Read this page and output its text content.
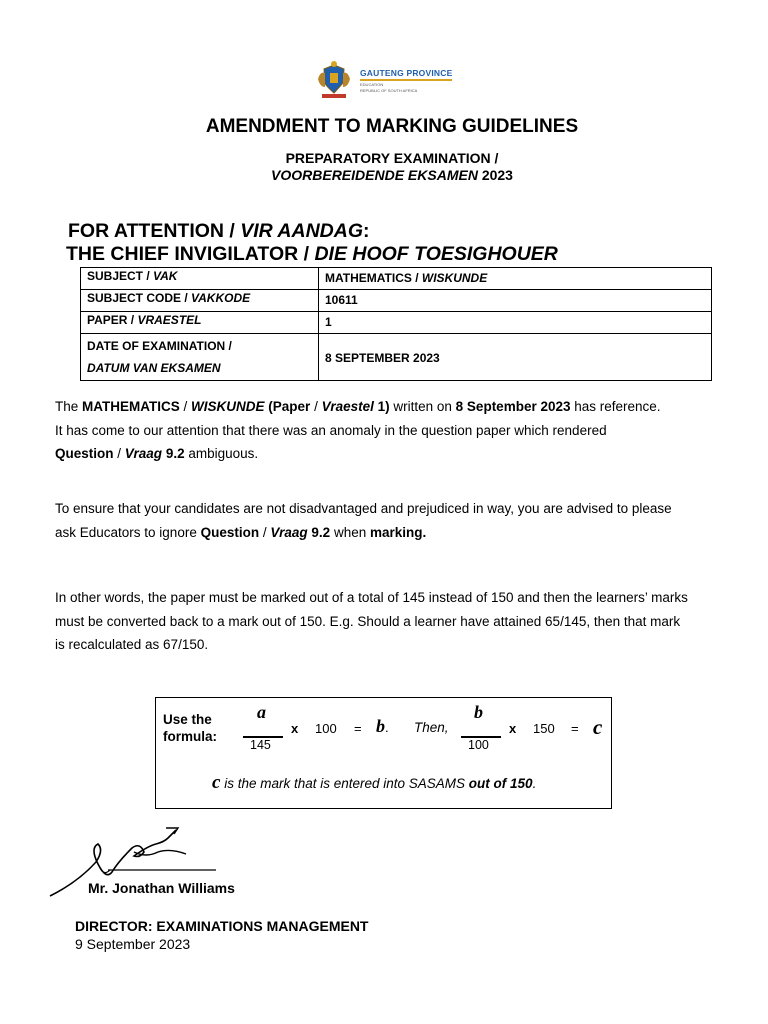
GAUTENG PROVINCE
EDUCATION
REPUBLIC OF SOUTH AFRICA
AMENDMENT TO MARKING GUIDELINES
PREPARATORY EXAMINATION /
VOORBEREIDENDE EKSAMEN 2023
FOR ATTENTION / VIR AANDAG:
THE CHIEF INVIGILATOR / DIE HOOF TOESIGHOUER
SUBJECT / VAK	MATHEMATICS / WISKUNDE
SUBJECT CODE / VAKKODE	10611
PAPER / VRAESTEL	1
DATE OF EXAMINATION /
DATUM VAN EKSAMEN	8 SEPTEMBER 2023
The MATHEMATICS / WISKUNDE (Paper / Vraestel 1) written on 8 September 2023 has reference.
It has come to our attention that there was an anomaly in the question paper which rendered
Question / Vraag 9.2 ambiguous.
To ensure that your candidates are not disadvantaged and prejudiced in way, you are advised to please
ask Educators to ignore Question / Vraag 9.2 when marking.
In other words, the paper must be marked out of a total of 145 instead of 150 and then the learners’ marks
must be converted back to a mark out of 150. E.g. Should a learner have attained 65/145, then that mark
is recalculated as 67/150.
Use the
formula:
a
145
x 100 = b. Then,
b
100
x 150 = c
c is the mark that is entered into SASAMS out of 150.
Mr. Jonathan Williams
DIRECTOR: EXAMINATIONS MANAGEMENT
9 September 2023
